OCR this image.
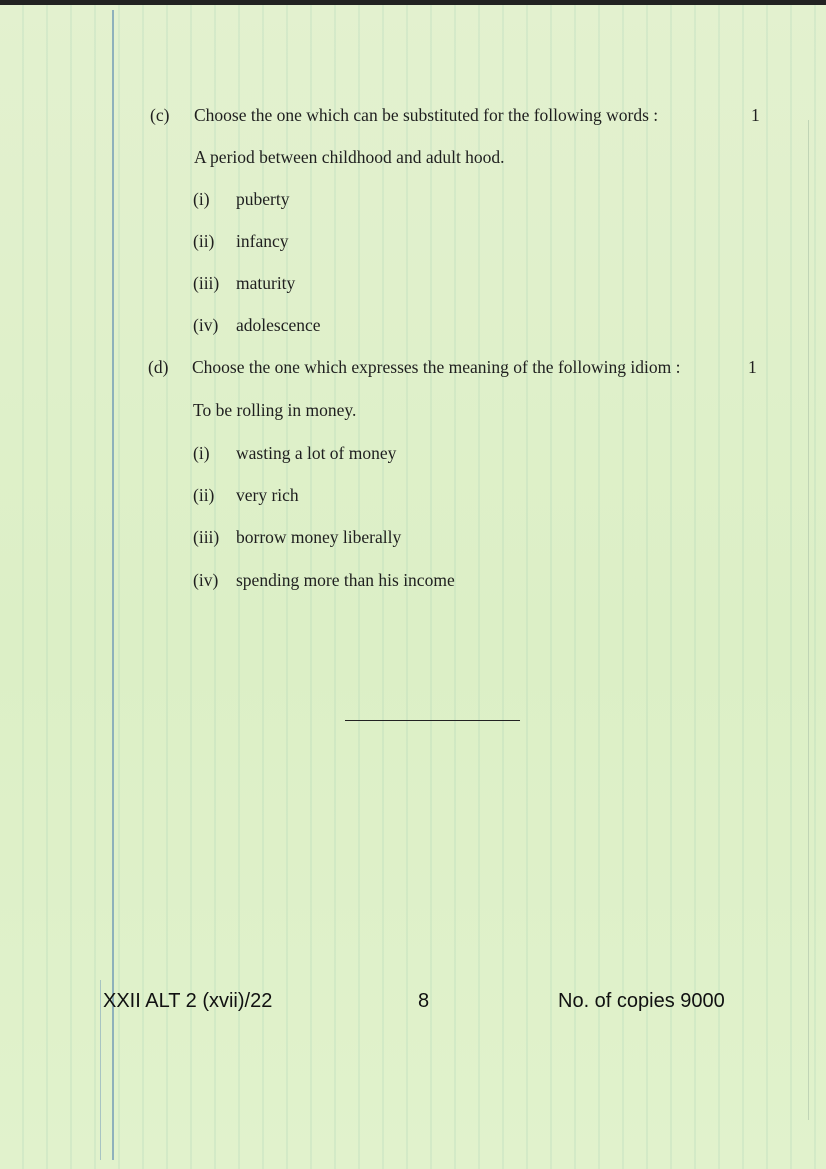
(c) Choose the one which can be substituted for the following words :	1
A period between childhood and adult hood.
(i) puberty
(ii) infancy
(iii) maturity
(iv) adolescence
(d) Choose the one which expresses the meaning of the following idiom :	1
To be rolling in money.
(i) wasting a lot of money
(ii) very rich
(iii) borrow money liberally
(iv) spending more than his income
XXII ALT 2 (xvii)/22	8	No. of copies 9000
